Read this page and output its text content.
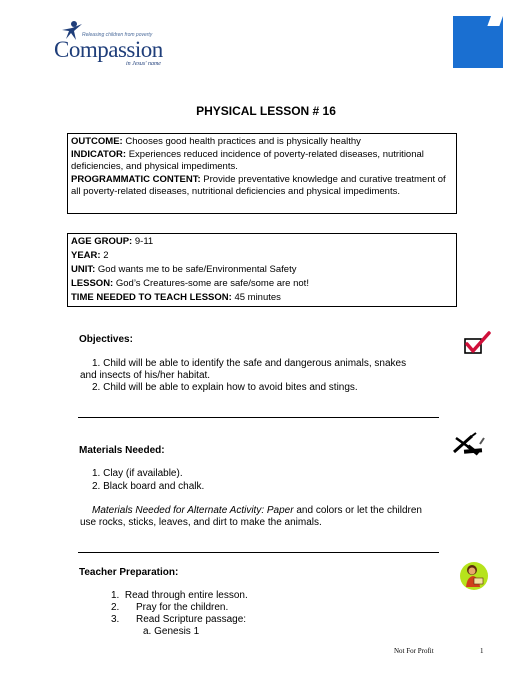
Releasing children from poverty
Compassion
in Jesus' name
PHYSICAL LESSON # 16

OUTCOME: Chooses good health practices and is physically healthy

INDICATOR: Experiences reduced incidence of poverty-related diseases, nutritional deficiencies, and physical impediments.

PROGRAMMATIC CONTENT: Provide preventative knowledge and curative treatment of all poverty-related diseases, nutritional deficiencies and physical impediments.

AGE GROUP: 9-11

YEAR: 2

UNIT: God wants me to be safe/Environmental Safety

LESSON: God’s Creatures-some are safe/some are not!

TIME NEEDED TO TEACH LESSON: 45 minutes

Objectives:
1. Child will be able to identify the safe and dangerous animals, snakes
and insects of his/her habitat.
2. Child will be able to explain how to avoid bites and stings.
Materials Needed:
1. Clay (if available).
2. Black board and chalk.
Materials Needed for Alternate Activity: Paper and colors or let the children
use rocks, sticks, leaves, and dirt to make the animals.
Teacher Preparation:
1.  Read through entire lesson.
2.      Pray for the children.
3.      Read Scripture passage:
a. Genesis 1
Not For Profit	1
